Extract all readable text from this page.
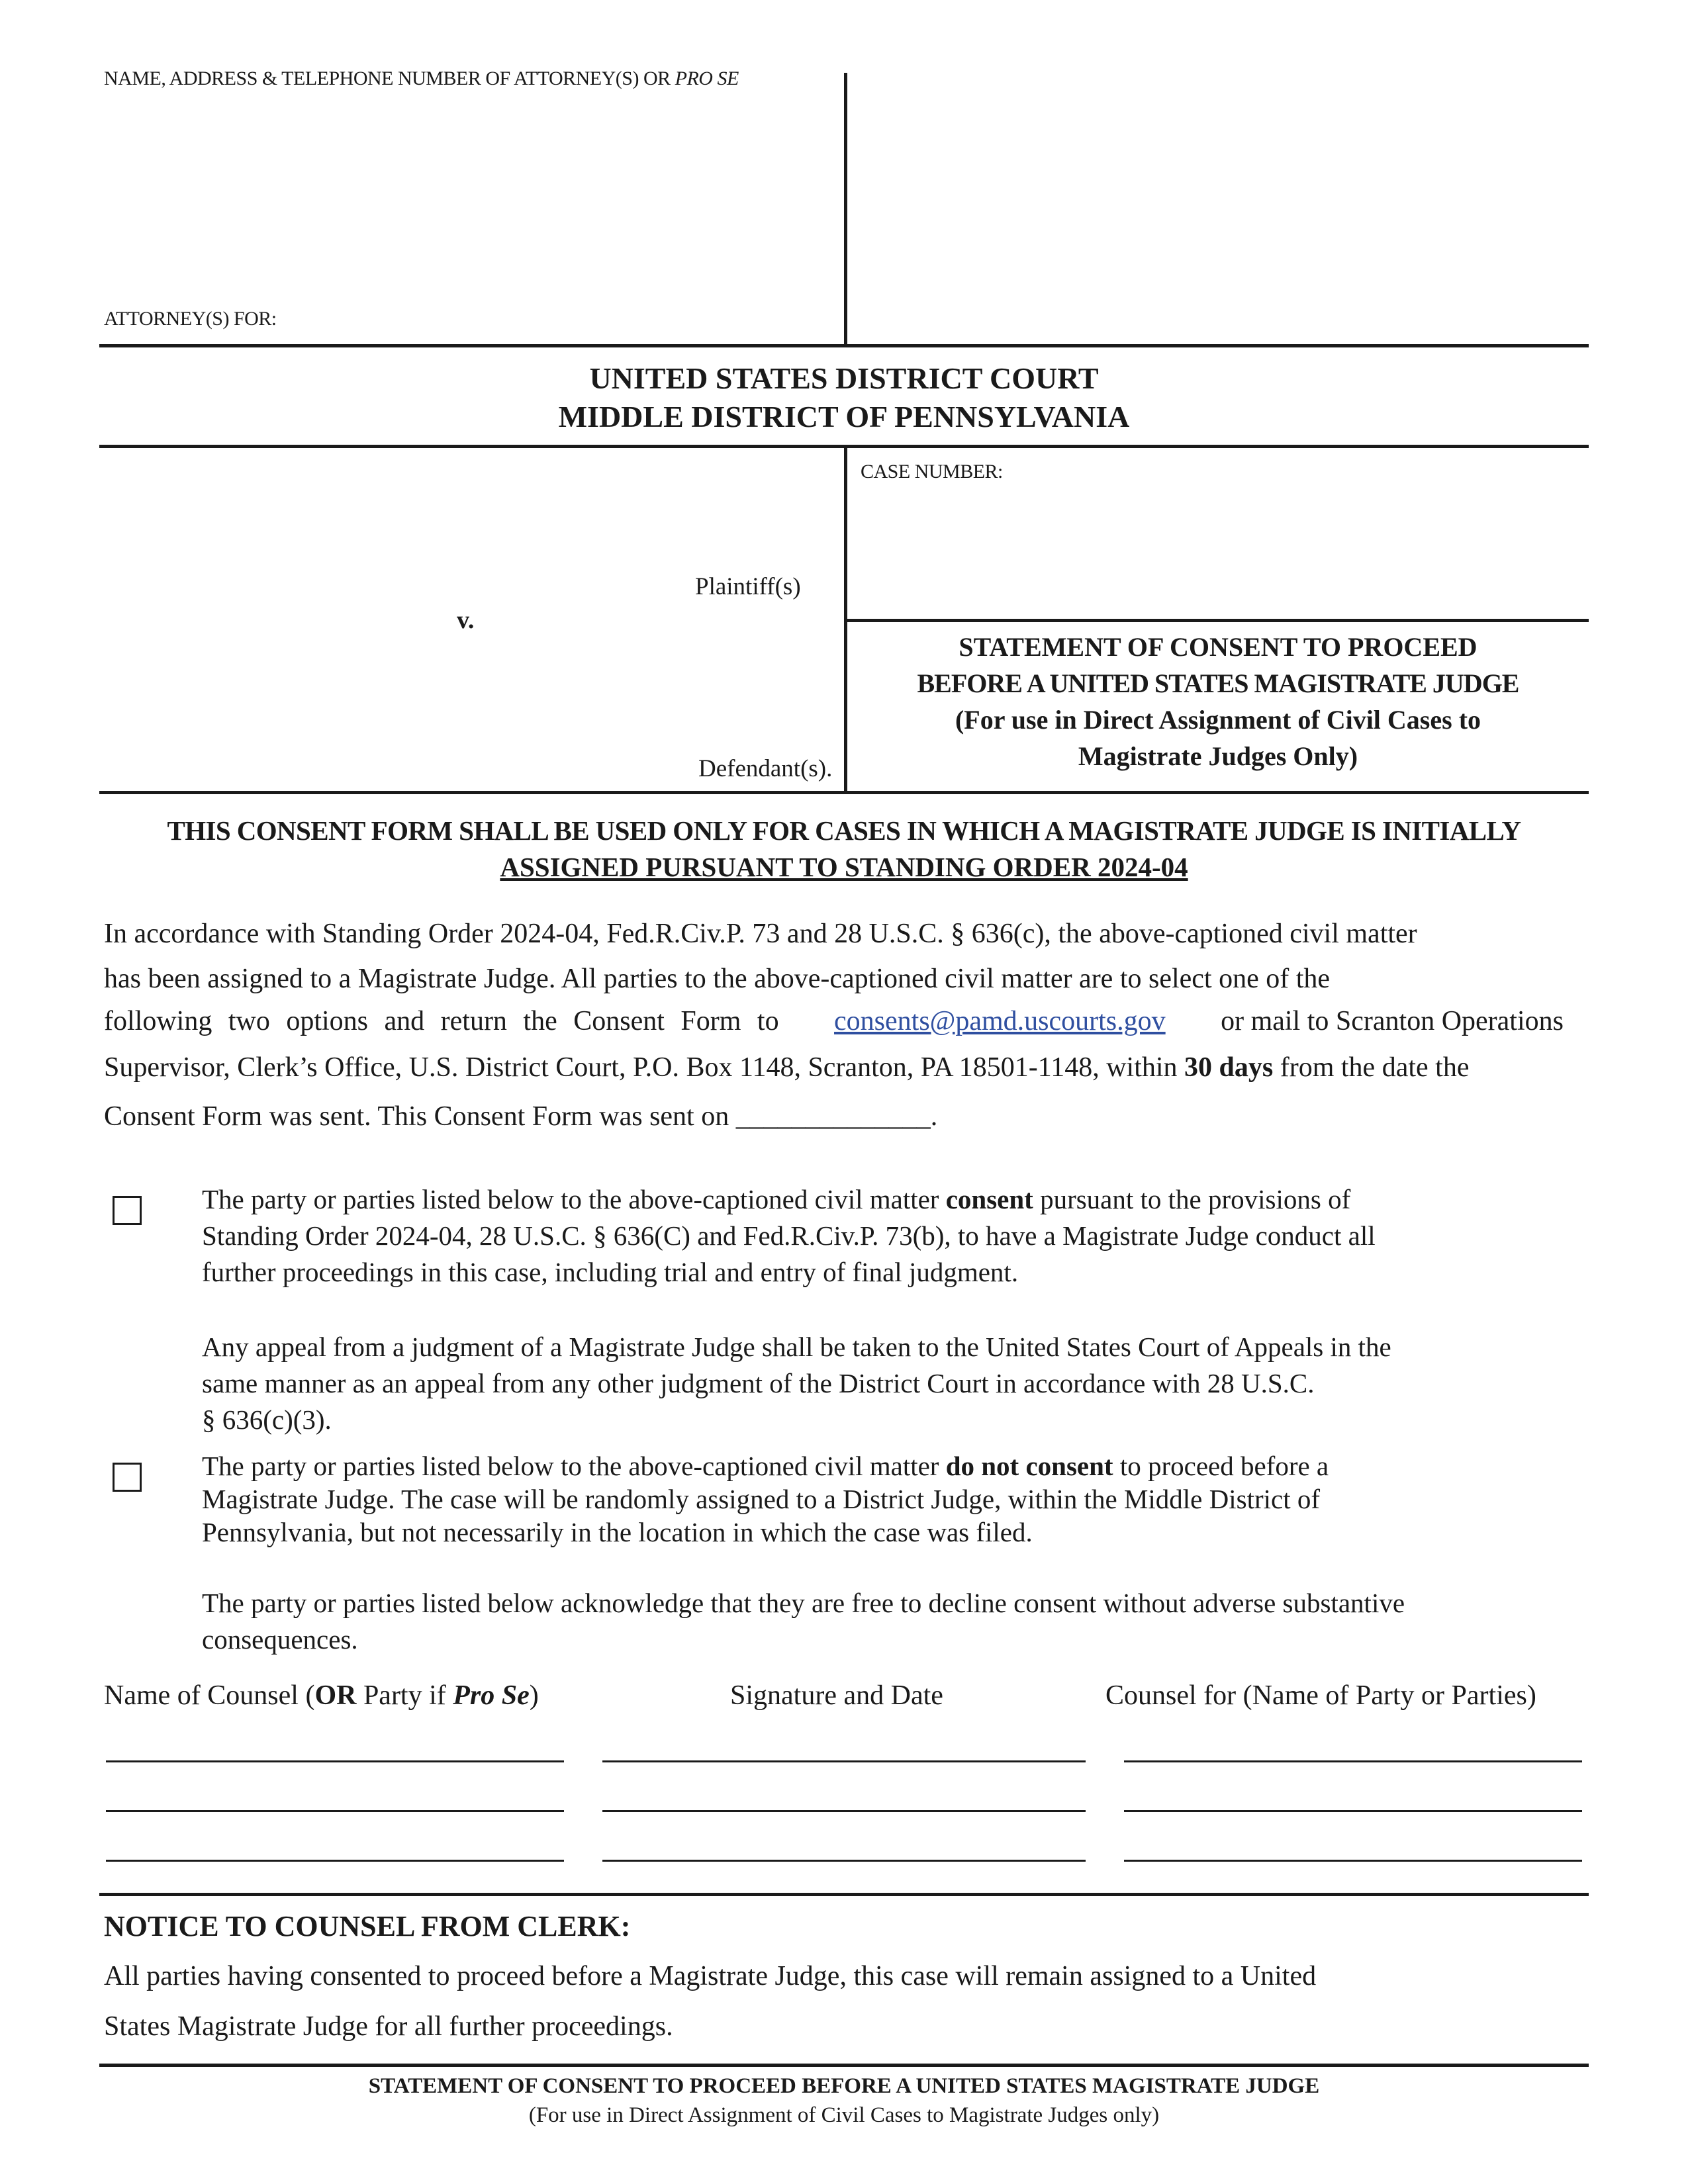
NAME, ADDRESS & TELEPHONE NUMBER OF ATTORNEY(S) OR PRO SE
ATTORNEY(S) FOR:
UNITED STATES DISTRICT COURT
MIDDLE DISTRICT OF PENNSYLVANIA
CASE NUMBER:
Plaintiff(s)
v.
Defendant(s).
STATEMENT OF CONSENT TO PROCEED
BEFORE A UNITED STATES MAGISTRATE JUDGE
(For use in Direct Assignment of Civil Cases to
Magistrate Judges Only)
THIS CONSENT FORM SHALL BE USED ONLY FOR CASES IN WHICH A MAGISTRATE JUDGE IS INITIALLY
ASSIGNED PURSUANT TO STANDING ORDER 2024-04
In accordance with Standing Order 2024-04, Fed.R.Civ.P. 73 and 28 U.S.C. § 636(c), the above-captioned civil matter
has been assigned to a Magistrate Judge. All parties to the above-captioned civil matter are to select one of the
following two options and return the Consent Form to consents@pamd.uscourts.gov or mail to Scranton Operations
Supervisor, Clerk’s Office, U.S. District Court, P.O. Box 1148, Scranton, PA 18501-1148, within 30 days from the date the
Consent Form was sent. This Consent Form was sent on ______________.
The party or parties listed below to the above-captioned civil matter consent pursuant to the provisions of
Standing Order 2024-04, 28 U.S.C. § 636(C) and Fed.R.Civ.P. 73(b), to have a Magistrate Judge conduct all
further proceedings in this case, including trial and entry of final judgment.
Any appeal from a judgment of a Magistrate Judge shall be taken to the United States Court of Appeals in the
same manner as an appeal from any other judgment of the District Court in accordance with 28 U.S.C.
§ 636(c)(3).
The party or parties listed below to the above-captioned civil matter do not consent to proceed before a
Magistrate Judge. The case will be randomly assigned to a District Judge, within the Middle District of
Pennsylvania, but not necessarily in the location in which the case was filed.
The party or parties listed below acknowledge that they are free to decline consent without adverse substantive
consequences.
Name of Counsel (OR Party if Pro Se)	Signature and Date	Counsel for (Name of Party or Parties)
NOTICE TO COUNSEL FROM CLERK:
All parties having consented to proceed before a Magistrate Judge, this case will remain assigned to a United
States Magistrate Judge for all further proceedings.
STATEMENT OF CONSENT TO PROCEED BEFORE A UNITED STATES MAGISTRATE JUDGE
(For use in Direct Assignment of Civil Cases to Magistrate Judges only)
